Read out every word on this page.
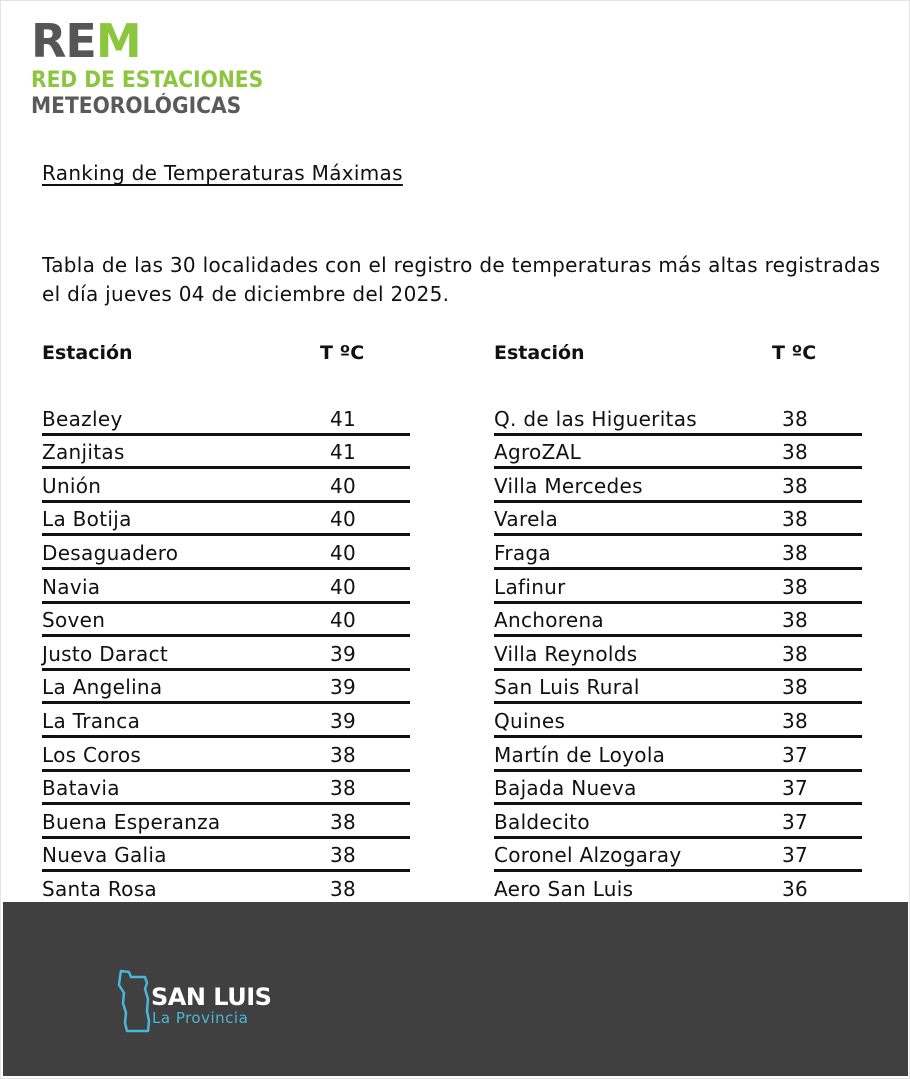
REM
RED DE ESTACIONES
METEOROLÓGICAS
Ranking de Temperaturas Máximas
Tabla de las 30 localidades con el registro de temperaturas más altas registradas el día jueves 04 de diciembre del 2025.
Estación	T ºC
Beazley	41
Zanjitas	41
Unión	40
La Botija	40
Desaguadero	40
Navia	40
Soven	40
Justo Daract	39
La Angelina	39
La Tranca	39
Los Coros	38
Batavia	38
Buena Esperanza	38
Nueva Galia	38
Santa Rosa	38
Estación	T ºC
Q. de las Higueritas	38
AgroZAL	38
Villa Mercedes	38
Varela	38
Fraga	38
Lafinur	38
Anchorena	38
Villa Reynolds	38
San Luis Rural	38
Quines	38
Martín de Loyola	37
Bajada Nueva	37
Baldecito	37
Coronel Alzogaray	37
Aero San Luis	36
SAN LUIS
La Provincia
